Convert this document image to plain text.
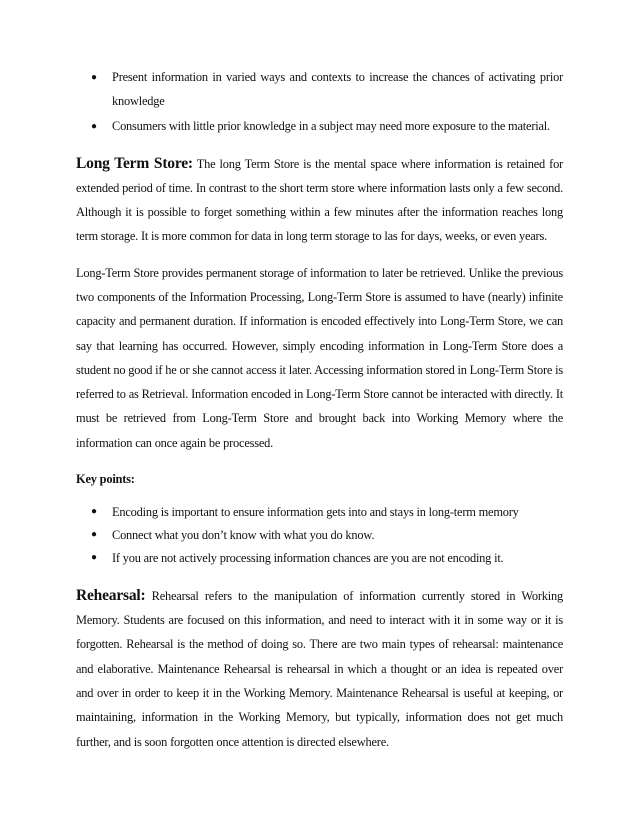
● Present information in varied ways and contexts to increase the chances of activating prior knowledge
● Consumers with little prior knowledge in a subject may need more exposure to the material.

Long Term Store: The long Term Store is the mental space where information is retained for extended period of time. In contrast to the short term store where information lasts only a few second. Although it is possible to forget something within a few minutes after the information reaches long term storage. It is more common for data in long term storage to las for days, weeks, or even years.

Long-Term Store provides permanent storage of information to later be retrieved. Unlike the previous two components of the Information Processing, Long-Term Store is assumed to have (nearly) infinite capacity and permanent duration. If information is encoded effectively into Long-Term Store, we can say that learning has occurred. However, simply encoding information in Long-Term Store does a student no good if he or she cannot access it later. Accessing information stored in Long-Term Store is referred to as Retrieval. Information encoded in Long-Term Store cannot be interacted with directly. It must be retrieved from Long-Term Store and brought back into Working Memory where the information can once again be processed.

Key points:

● Encoding is important to ensure information gets into and stays in long-term memory
● Connect what you don’t know with what you do know.
● If you are not actively processing information chances are you are not encoding it.

Rehearsal: Rehearsal refers to the manipulation of information currently stored in Working Memory. Students are focused on this information, and need to interact with it in some way or it is forgotten. Rehearsal is the method of doing so. There are two main types of rehearsal: maintenance and elaborative. Maintenance Rehearsal is rehearsal in which a thought or an idea is repeated over and over in order to keep it in the Working Memory. Maintenance Rehearsal is useful at keeping, or maintaining, information in the Working Memory, but typically, information does not get much further, and is soon forgotten once attention is directed elsewhere.
